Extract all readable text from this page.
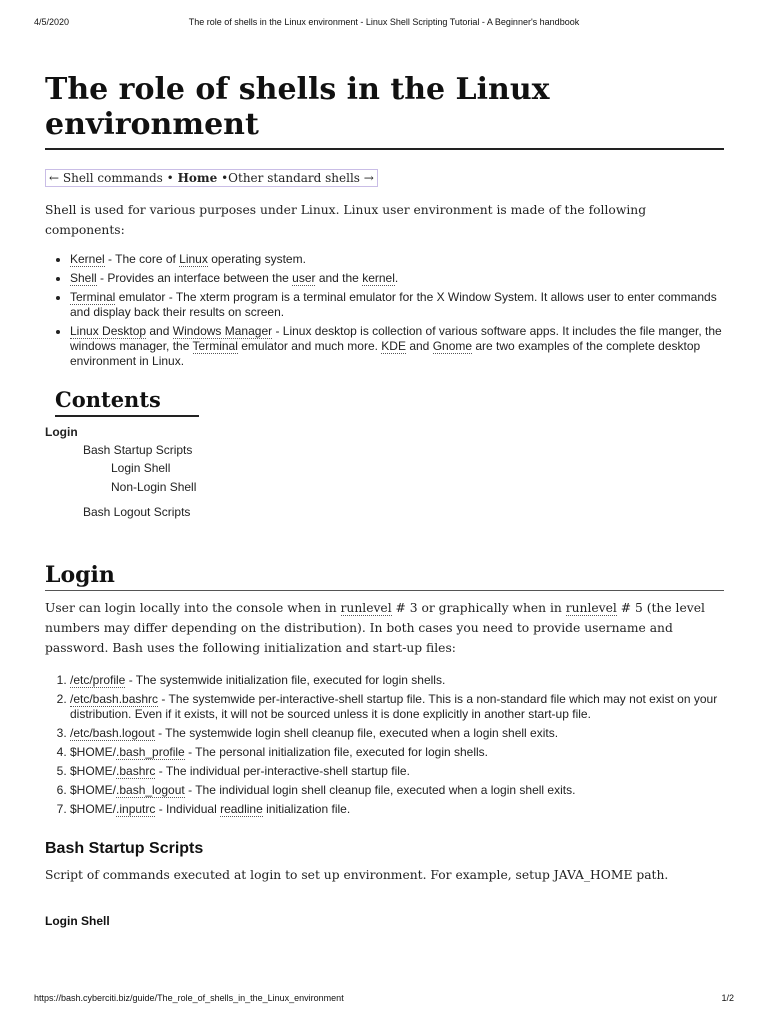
4/5/2020	The role of shells in the Linux environment - Linux Shell Scripting Tutorial - A Beginner's handbook
The role of shells in the Linux environment
← Shell commands • Home •Other standard shells →

Shell is used for various purposes under Linux. Linux user environment is made of the following components:

• Kernel - The core of Linux operating system.
• Shell - Provides an interface between the user and the kernel.
• Terminal emulator - The xterm program is a terminal emulator for the X Window System. It allows user to enter commands and display back their results on screen.
• Linux Desktop and Windows Manager - Linux desktop is collection of various software apps. It includes the file manger, the windows manager, the Terminal emulator and much more. KDE and Gnome are two examples of the complete desktop environment in Linux.
Contents
Login
Bash Startup Scripts
Login Shell
Non-Login Shell
Bash Logout Scripts
Login

User can login locally into the console when in runlevel # 3 or graphically when in runlevel # 5 (the level numbers may differ depending on the distribution). In both cases you need to provide username and password. Bash uses the following initialization and start-up files:

1. /etc/profile - The systemwide initialization file, executed for login shells.
2. /etc/bash.bashrc - The systemwide per-interactive-shell startup file. This is a non-standard file which may not exist on your distribution. Even if it exists, it will not be sourced unless it is done explicitly in another start-up file.
3. /etc/bash.logout - The systemwide login shell cleanup file, executed when a login shell exits.
4. $HOME/.bash_profile - The personal initialization file, executed for login shells.
5. $HOME/.bashrc - The individual per-interactive-shell startup file.
6. $HOME/.bash_logout - The individual login shell cleanup file, executed when a login shell exits.
7. $HOME/.inputrc - Individual readline initialization file.
Bash Startup Scripts

Script of commands executed at login to set up environment. For example, setup JAVA_HOME path.

Login Shell
https://bash.cyberciti.biz/guide/The_role_of_shells_in_the_Linux_environment	1/2
